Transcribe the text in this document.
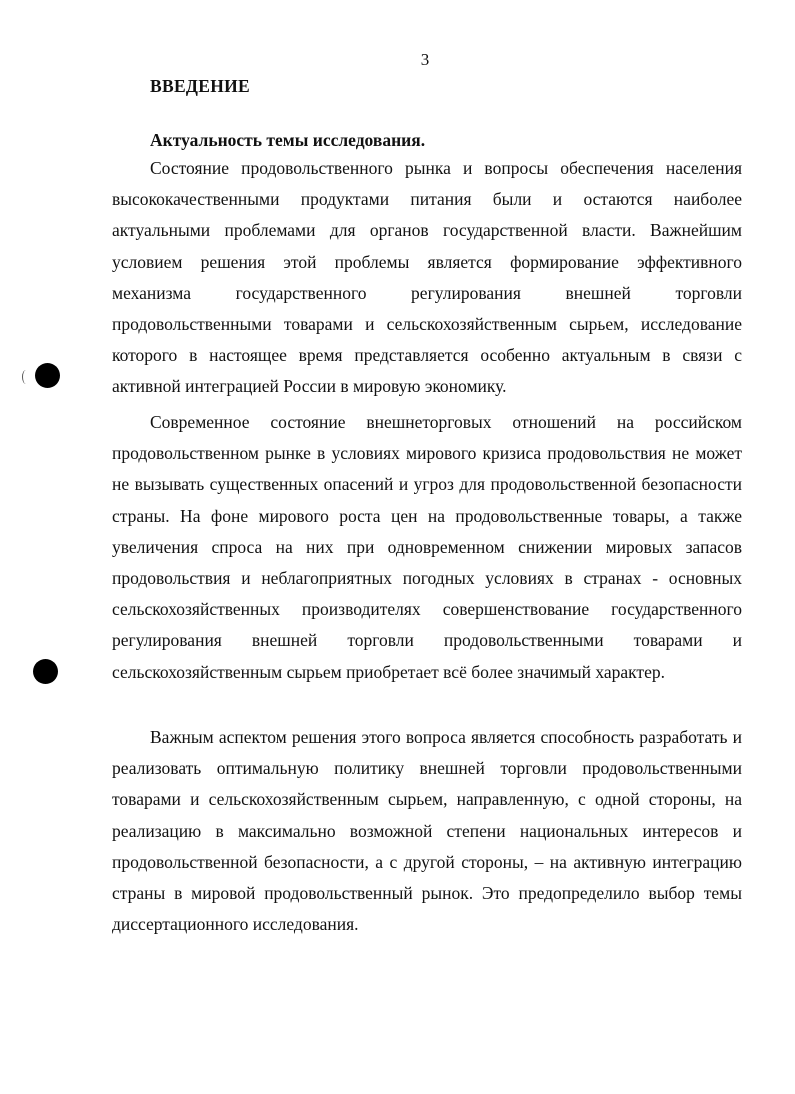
3
ВВЕДЕНИЕ
Актуальность темы исследования.

Состояние продовольственного рынка и вопросы обеспечения населения высококачественными продуктами питания были и остаются наиболее актуальными проблемами для органов государственной власти. Важнейшим условием решения этой проблемы является формирование эффективного механизма государственного регулирования внешней торговли продовольственными товарами и сельскохозяйственным сырьем, исследование которого в настоящее время представляется особенно актуальным в связи с активной интеграцией России в мировую экономику.

Современное состояние внешнеторговых отношений на российском продовольственном рынке в условиях мирового кризиса продовольствия не может не вызывать существенных опасений и угроз для продовольственной безопасности страны. На фоне мирового роста цен на продовольственные товары, а также увеличения спроса на них при одновременном снижении мировых запасов продовольствия и неблагоприятных погодных условиях в странах - основных сельскохозяйственных производителях совершенствование государственного регулирования внешней торговли продовольственными товарами и сельскохозяйственным сырьем приобретает всё более значимый характер.

Важным аспектом решения этого вопроса является способность разработать и реализовать оптимальную политику внешней торговли продовольственными товарами и сельскохозяйственным сырьем, направленную, с одной стороны, на реализацию в максимально возможной степени национальных интересов и продовольственной безопасности, а с другой стороны, – на активную интеграцию страны в мировой продовольственный рынок. Это предопределило выбор темы диссертационного исследования.
